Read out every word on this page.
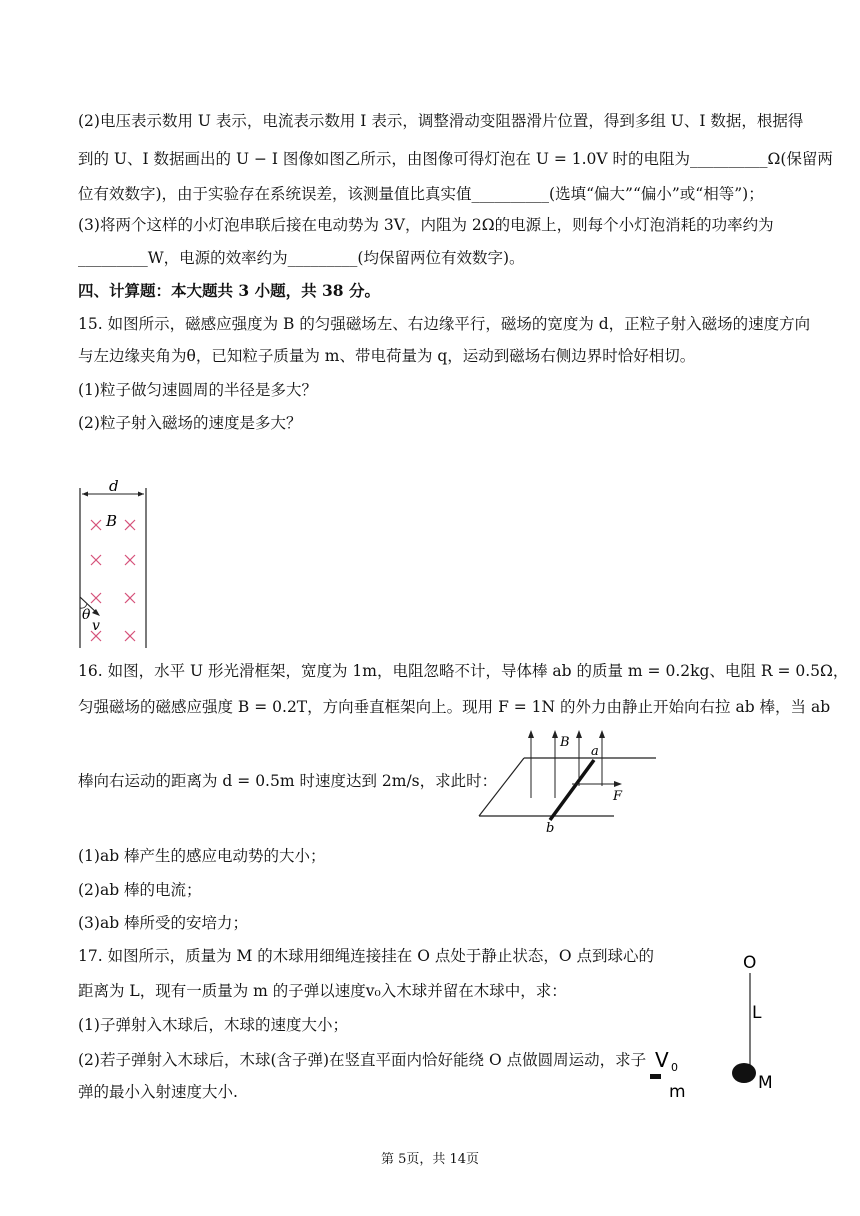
(2)电压表示数用 U 表示，电流表示数用 I 表示，调整滑动变阻器滑片位置，得到多组 U、I 数据，根据得
到的 U、I 数据画出的 U − I 图像如图乙所示，由图像可得灯泡在 U = 1.0V 时的电阻为__________Ω(保留两
位有效数字)，由于实验存在系统误差，该测量值比真实值__________(选填“偏大”“偏小”或“相等”)；
(3)将两个这样的小灯泡串联后接在电动势为 3V，内阻为 2Ω的电源上，则每个小灯泡消耗的功率约为
_________W，电源的效率约为_________(均保留两位有效数字)。
四、计算题：本大题共 3 小题，共 38 分。
15. 如图所示，磁感应强度为 B 的匀强磁场左、右边缘平行，磁场的宽度为 d，正粒子射入磁场的速度方向
与左边缘夹角为θ，已知粒子质量为 m、带电荷量为 q，运动到磁场右侧边界时恰好相切。
(1)粒子做匀速圆周的半径是多大？
(2)粒子射入磁场的速度是多大？
d
B
θ
v
16. 如图，水平 U 形光滑框架，宽度为 1m，电阻忽略不计，导体棒 ab 的质量 m = 0.2kg、电阻 R = 0.5Ω，
匀强磁场的磁感应强度 B = 0.2T，方向垂直框架向上。现用 F = 1N 的外力由静止开始向右拉 ab 棒，当 ab
棒向右运动的距离为 d = 0.5m 时速度达到 2m/s，求此时：
B
a
b
F
(1)ab 棒产生的感应电动势的大小；
(2)ab 棒的电流；
(3)ab 棒所受的安培力；
17. 如图所示，质量为 M 的木球用细绳连接挂在 O 点处于静止状态，O 点到球心的
距离为 L，现有一质量为 m 的子弹以速度v₀入木球并留在木球中，求：
(1)子弹射入木球后，木球的速度大小；
(2)若子弹射入木球后，木球(含子弹)在竖直平面内恰好能绕 O 点做圆周运动，求子
弹的最小入射速度大小.
O
L
M
V 0
m
第 5页，共 14页
